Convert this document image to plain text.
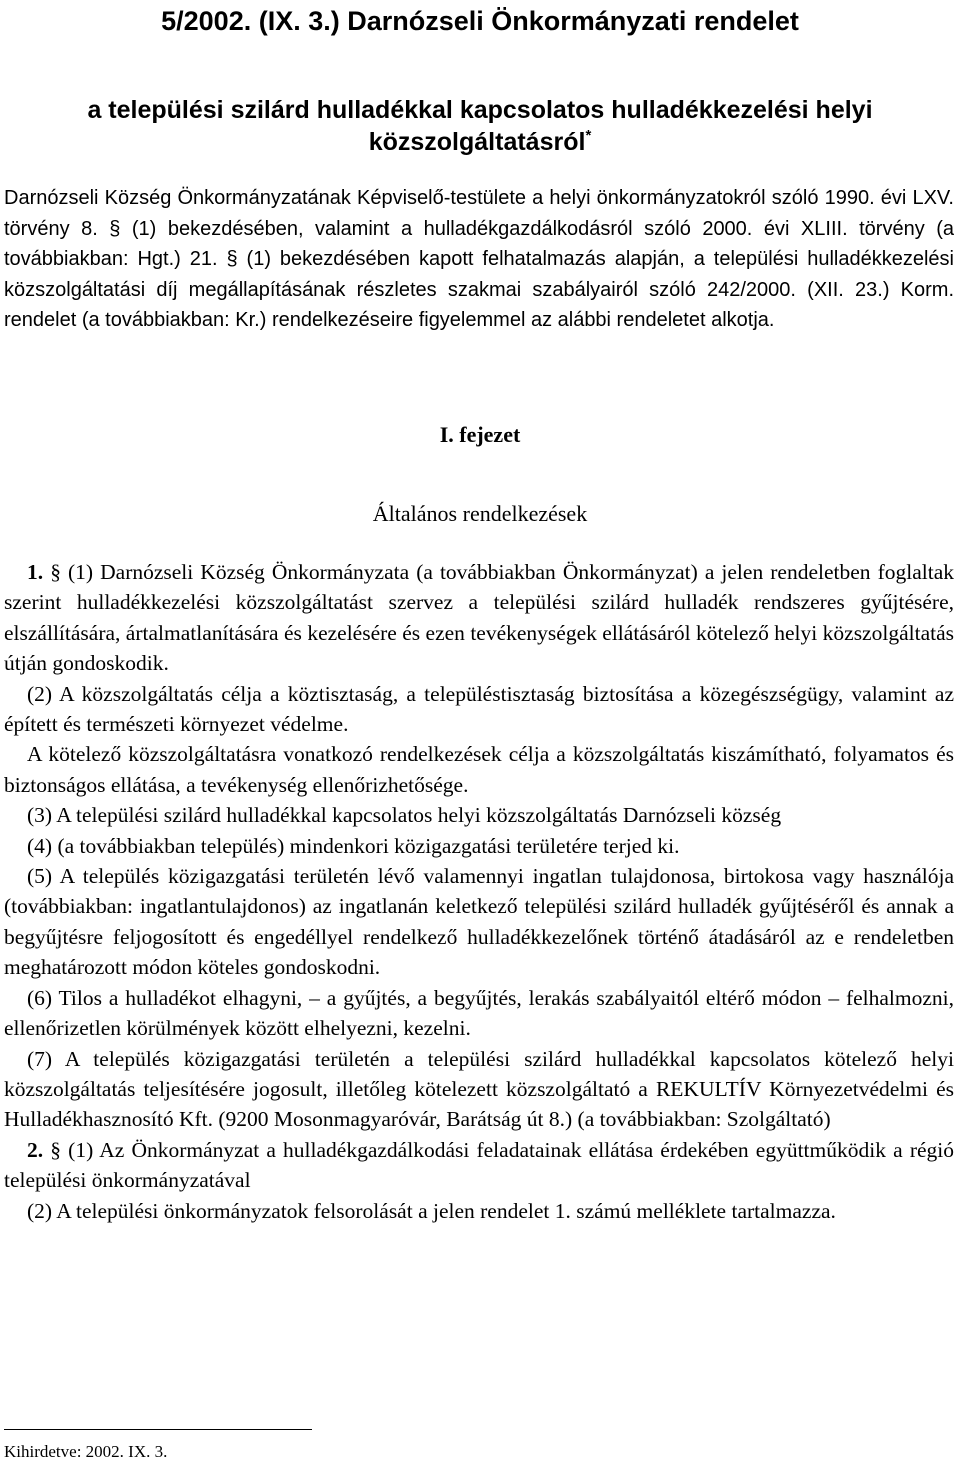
5/2002. (IX. 3.) Darnózseli Önkormányzati rendelet
a települési szilárd hulladékkal kapcsolatos hulladékkezelési helyi
közszolgáltatásról*
Darnózseli Község Önkormányzatának Képviselő-testülete a helyi önkormányzatokról szóló 1990. évi LXV. törvény 8. § (1) bekezdésében, valamint a hulladékgazdálkodásról szóló 2000. évi XLIII. törvény (a továbbiakban: Hgt.) 21. § (1) bekezdésében kapott felhatalmazás alapján, a települési hulladékkezelési közszolgáltatási díj megállapításának részletes szakmai szabályairól szóló 242/2000. (XII. 23.) Korm. rendelet (a továbbiakban: Kr.) rendelkezéseire figyelemmel az alábbi rendeletet alkotja.
I. fejezet
Általános rendelkezések

1. § (1) Darnózseli Község Önkormányzata (a továbbiakban Önkormányzat) a jelen rendeletben foglaltak szerint hulladékkezelési közszolgáltatást szervez a települési szilárd hulladék rendszeres gyűjtésére, elszállítására, ártalmatlanítására és kezelésére és ezen tevékenységek ellátásáról kötelező helyi közszolgáltatás útján gondoskodik.

(2) A közszolgáltatás célja a köztisztaság, a településtisztaság biztosítása a közegészségügy, valamint az épített és természeti környezet védelme.

A kötelező közszolgáltatásra vonatkozó rendelkezések célja a közszolgáltatás kiszámítható, folyamatos és biztonságos ellátása, a tevékenység ellenőrizhetősége.

(3) A települési szilárd hulladékkal kapcsolatos helyi közszolgáltatás Darnózseli község

(4) (a továbbiakban település) mindenkori közigazgatási területére terjed ki.

(5) A település közigazgatási területén lévő valamennyi ingatlan tulajdonosa, birtokosa vagy használója (továbbiakban: ingatlantulajdonos) az ingatlanán keletkező települési szilárd hulladék gyűjtéséről és annak a begyűjtésre feljogosított és engedéllyel rendelkező hulladékkezelőnek történő átadásáról az e rendeletben meghatározott módon köteles gondoskodni.

(6) Tilos a hulladékot elhagyni, – a gyűjtés, a begyűjtés, lerakás szabályaitól eltérő módon – felhalmozni, ellenőrizetlen körülmények között elhelyezni, kezelni.

(7) A település közigazgatási területén a települési szilárd hulladékkal kapcsolatos kötelező helyi közszolgáltatás teljesítésére jogosult, illetőleg kötelezett közszolgáltató a REKULTÍV Környezetvédelmi és Hulladékhasznosító Kft. (9200 Mosonmagyaróvár, Barátság út 8.) (a továbbiakban: Szolgáltató)

2. § (1) Az Önkormányzat a hulladékgazdálkodási feladatainak ellátása érdekében együttműködik a régió települési önkormányzatával

(2) A települési önkormányzatok felsorolását a jelen rendelet 1. számú melléklete tartalmazza.

Kihirdetve: 2002. IX. 3.
